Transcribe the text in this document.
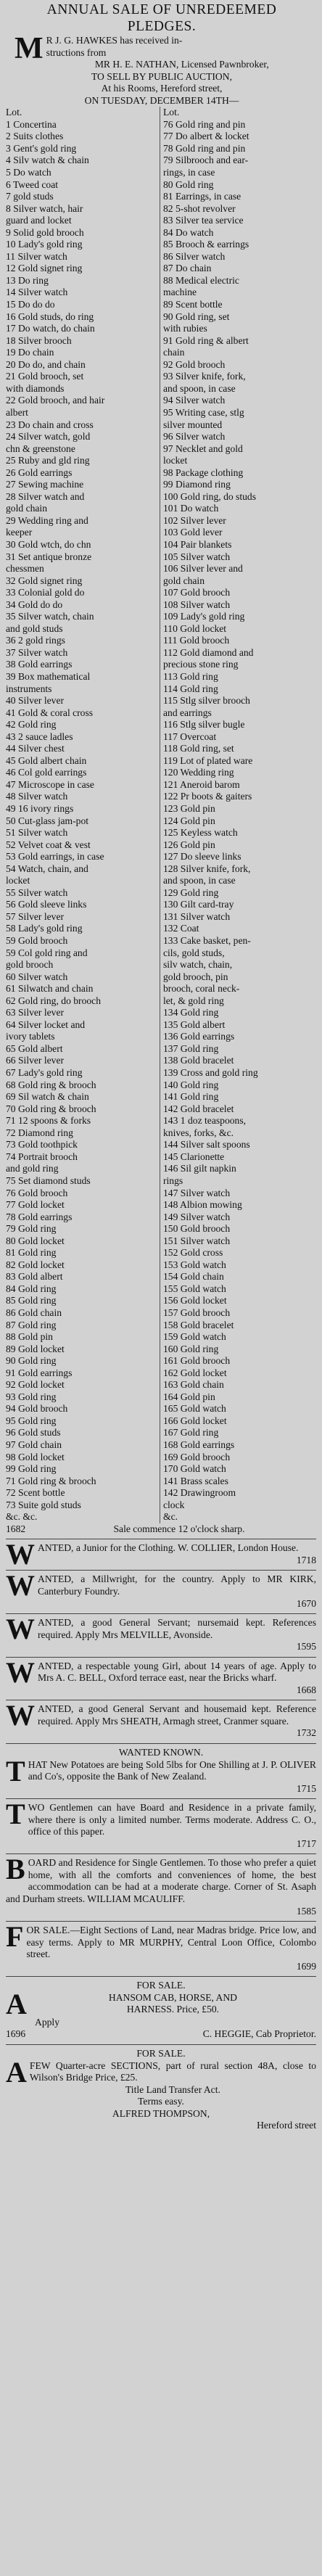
ANNUAL SALE OF UNREDEEMED
PLEDGES.
M R J. G. HAWKES has received in-
structions from
MR H. E. NATHAN, Licensed Pawnbroker,
TO SELL BY PUBLIC AUCTION,
At his Rooms, Hereford street,
ON TUESDAY, DECEMBER 14TH—
Lot.	Lot.
1 Concertina	76 Gold ring and pin
2 Suits clothes	77 Do albert & locket
3 Gent's gold ring	78 Gold ring and pin
4 Silv watch & chain	79 Silbrooch and ear-
5 Do watch	rings, in case
6 Tweed coat	80 Gold ring
7 gold studs	81 Earrings, in case
8 Silver watch, hair	82 5-shot revolver
guard and locket	83 Silver tea service
9 Solid gold brooch	84 Do watch
10 Lady's gold ring	85 Brooch & earrings
11 Silver watch	86 Silver watch
12 Gold signet ring	87 Do chain
13 Do ring	88 Medical electric
14 Silver watch	machine
15 Do do do	89 Scent bottle
16 Gold studs, do ring	90 Gold ring, set
17 Do watch, do chain	with rubies
18 Silver brooch	91 Gold ring & albert
19 Do chain	chain
20 Do do, and chain	92 Gold brooch
21 Gold brooch, set	93 Silver knife, fork,
with diamonds	and spoon, in case
22 Gold brooch, and hair	94 Silver watch
albert	95 Writing case, stlg
23 Do chain and cross	silver mounted
24 Silver watch, gold	96 Silver watch
chn & greenstone	97 Necklet and gold
25 Ruby and gld ring	locket
26 Gold earrings	98 Package clothing
27 Sewing machine	99 Diamond ring
28 Silver watch and	100 Gold ring, do studs
gold chain	101 Do watch
29 Wedding ring and	102 Silver lever
keeper	103 Gold lever
30 Gold wtch, do chn	104 Pair blankets
31 Set antique bronze	105 Silver watch
chessmen	106 Silver lever and
32 Gold signet ring	gold chain
33 Colonial gold do	107 Gold brooch
34 Gold do do	108 Silver watch
35 Silver watch, chain	109 Lady's gold ring
and gold studs	110 Gold locket
36 2 gold rings	111 Gold brooch
37 Silver watch	112 Gold diamond and
38 Gold earrings	precious stone ring
39 Box mathematical	113 Gold ring
instruments	114 Gold ring
40 Silver lever	115 Stlg silver brooch
41 Gold & coral cross	and earrings
42 Gold ring	116 Stlg silver bugle
43 2 sauce ladles	117 Overcoat
44 Silver chest	118 Gold ring, set
45 Gold albert chain	119 Lot of plated ware
46 Col gold earrings	120 Wedding ring
47 Microscope in case	121 Aneroid barom
48 Silver watch	122 Pr boots & gaiters
49 16 ivory rings	123 Gold pin
50 Cut-glass jam-pot	124 Gold pin
51 Silver watch	125 Keyless watch
52 Velvet coat & vest	126 Gold pin
53 Gold earrings, in case	127 Do sleeve links
54 Watch, chain, and	128 Silver knife, fork,
locket	and spoon, in case
55 Silver watch	129 Gold ring
56 Gold sleeve links	130 Gilt card-tray
57 Silver lever	131 Silver watch
58 Lady's gold ring	132 Coat
59 Gold brooch	133 Cake basket, pen-
59 Col gold ring and	cils, gold studs,
gold brooch	silv watch, chain,
60 Silver watch	gold brooch, pin
61 Silwatch and chain	brooch, coral neck-
62 Gold ring, do brooch	let, & gold ring
63 Silver lever	134 Gold ring
64 Silver locket and	135 Gold albert
ivory tablets	136 Gold earrings
65 Gold albert	137 Gold ring
66 Silver lever	138 Gold bracelet
67 Lady's gold ring	139 Cross and gold ring
68 Gold ring & brooch	140 Gold ring
69 Sil watch & chain	141 Gold ring
70 Gold ring & brooch	142 Gold bracelet
71 12 spoons & forks	143 1 doz teaspoons,
72 Diamond ring	knives, forks, &c.
73 Gold toothpick	144 Silver salt spoons
74 Portrait brooch	145 Clarionette
and gold ring	146 Sil gilt napkin
75 Set diamond studs	rings
76 Gold brooch	147 Silver watch
77 Gold locket	148 Albion mowing
78 Gold earrings	149 Silver watch
79 Gold ring	150 Gold brooch
80 Gold locket	151 Silver watch
81 Gold ring	152 Gold cross
82 Gold locket	153 Gold watch
83 Gold albert	154 Gold chain
84 Gold ring	155 Gold watch
85 Gold ring	156 Gold locket
86 Gold chain	157 Gold brooch
87 Gold ring	158 Gold bracelet
88 Gold pin	159 Gold watch
89 Gold locket	160 Gold ring
90 Gold ring	161 Gold brooch
91 Gold earrings	162 Gold locket
92 Gold locket	163 Gold chain
93 Gold ring	164 Gold pin
94 Gold brooch	165 Gold watch
95 Gold ring	166 Gold locket
96 Gold studs	167 Gold ring
97 Gold chain	168 Gold earrings
98 Gold locket	169 Gold brooch
99 Gold ring	170 Gold watch
71 Gold ring & brooch	141 Brass scales
72 Scent bottle	142 Drawingroom
73 Suite gold studs	clock
&c. &c.	&c.
1682	Sale commence 12 o'clock sharp.
WANTED, a Junior for the Clothing. W. COLLIER, London House.
1718
WANTED, a Millwright, for the country. Apply to MR KIRK, Canterbury Foundry.
1670
WANTED, a good General Servant; nursemaid kept. References required. Apply Mrs MELVILLE, Avonside.
1595
WANTED, a respectable young Girl, about 14 years of age. Apply to Mrs A. C. BELL, Oxford terrace east, near the Bricks wharf.
1668
WANTED, a good General Servant and housemaid kept. Reference required. Apply Mrs SHEATH, Armagh street, Cranmer square.
1732
WANTED KNOWN.
THAT New Potatoes are being Sold 5lbs for One Shilling at J. P. OLIVER and Co's, opposite the Bank of New Zealand.
1715
TWO Gentlemen can have Board and Residence in a private family, where there is only a limited number. Terms moderate. Address C. O., office of this paper.
1717
BOARD and Residence for Single Gentlemen. To those who prefer a quiet home, with all the comforts and conveniences of home, the best accommodation can be had at a moderate charge. Corner of St. Asaph and Durham streets. WILLIAM MCAULIFF.
1585
FOR SALE.—Eight Sections of Land, near Madras bridge. Price low, and easy terms. Apply to MR MURPHY, Central Loon Office, Colombo street.
1699
FOR SALE.
A	HANSOM CAB, HORSE, AND
HARNESS. Price, £50.
Apply
1696	C. HEGGIE, Cab Proprietor.
FOR SALE.
AFEW Quarter-acre SECTIONS, part of rural section 48A, close to Wilson's Bridge Price, £25.
Title Land Transfer Act.
Terms easy.
ALFRED THOMPSON,
Hereford street
